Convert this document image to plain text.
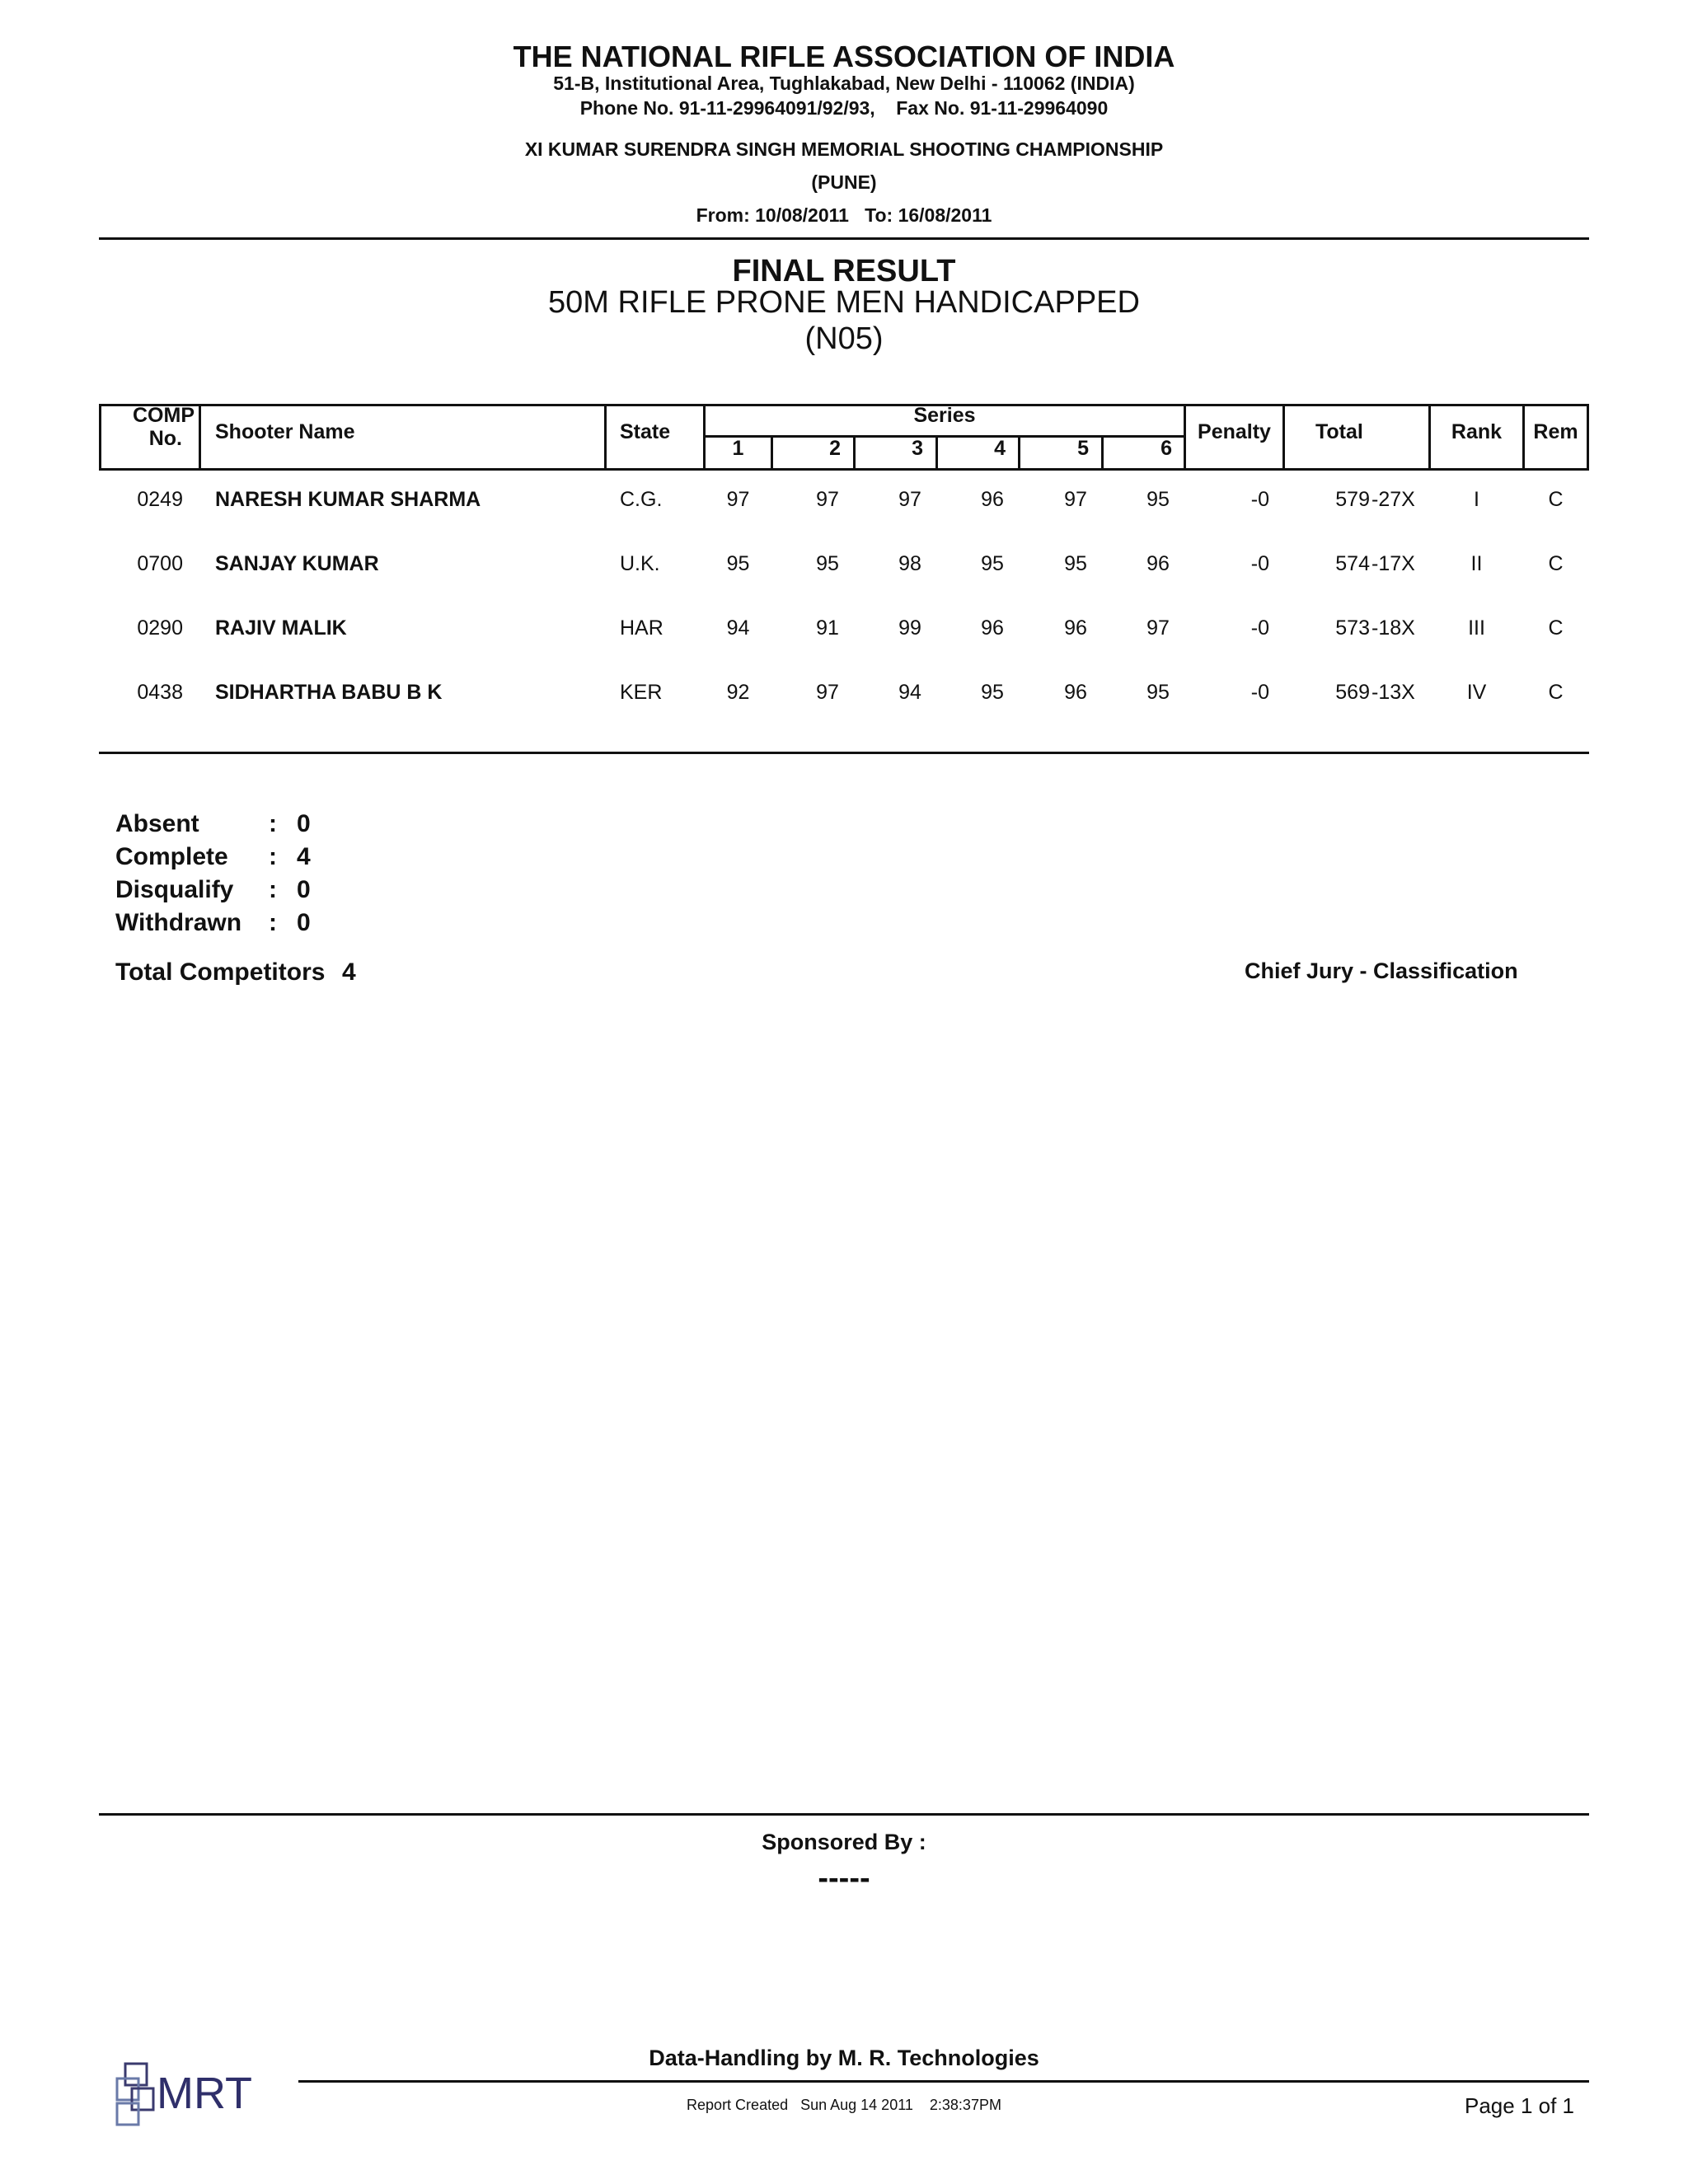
THE NATIONAL RIFLE ASSOCIATION OF INDIA
51-B, Institutional Area, Tughlakabad, New Delhi - 110062 (INDIA)
Phone No. 91-11-29964091/92/93,    Fax No. 91-11-29964090
XI KUMAR SURENDRA SINGH MEMORIAL SHOOTING CHAMPIONSHIP
(PUNE)
From: 10/08/2011   To: 16/08/2011
FINAL RESULT
50M RIFLE PRONE MEN HANDICAPPED
(N05)
COMP
No. Shooter Name	State
Series
1	2	3	4	5	6
Penalty	Total	Rank	Rem
0249 NARESH KUMAR SHARMA	C.G.	97	97	97	96	97	95	-0	579 -27X	I	C
0700 SANJAY KUMAR	U.K.	95	95	98	95	95	96	-0	574 -17X	II	C
0290 RAJIV MALIK	HAR	94	91	99	96	96	97	-0	573 -18X	III	C
0438 SIDHARTHA BABU B K	KER	92	97	94	95	96	95	-0	569 -13X	IV	C
Absent	: 0
Complete : 4
Disqualify : 0
Withdrawn : 0
Total Competitors 4	Chief Jury - Classification
Sponsored By :
-----
Data-Handling by M. R. Technologies
Report Created   Sun Aug 14 2011    2:38:37PM	Page 1 of 1
MRT
